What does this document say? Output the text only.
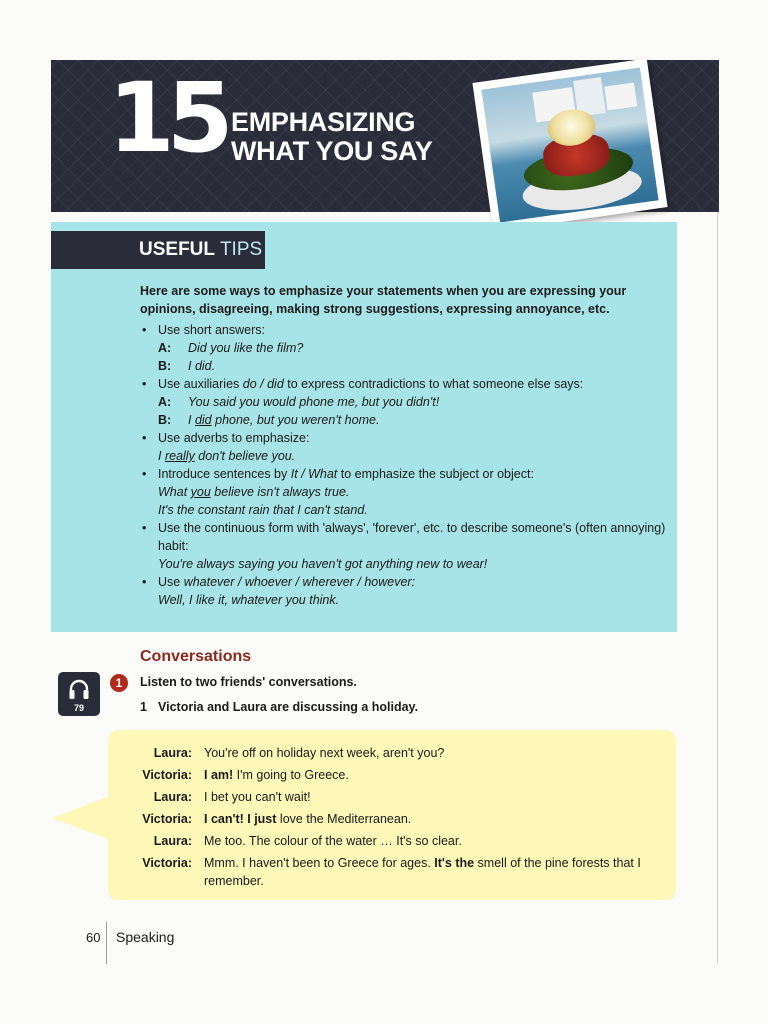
15 EMPHASIZING
WHAT YOU SAY
USEFUL TIPS
Here are some ways to emphasize your statements when you are expressing your opinions, disagreeing, making strong suggestions, expressing annoyance, etc.
• Use short answers:
A:	Did you like the film?
B:	I did.
• Use auxiliaries do / did to express contradictions to what someone else says:
A:	You said you would phone me, but you didn't!
B:	I did phone, but you weren't home.
• Use adverbs to emphasize:
I really don't believe you.
• Introduce sentences by It / What to emphasize the subject or object:
What you believe isn't always true.
It's the constant rain that I can't stand.
• Use the continuous form with 'always', 'forever', etc. to describe someone's (often annoying) habit:
You're always saying you haven't got anything new to wear!
• Use whatever / whoever / wherever / however:
Well, I like it, whatever you think.
Conversations
79
1	Listen to two friends' conversations.
1 Victoria and Laura are discussing a holiday.
Laura: You're off on holiday next week, aren't you?
Victoria: I am! I'm going to Greece.
Laura: I bet you can't wait!
Victoria: I can't! I just love the Mediterranean.
Laura: Me too. The colour of the water … It's so clear.
Victoria: Mmm. I haven't been to Greece for ages. It's the smell of the pine forests that I remember.
60 Speaking
